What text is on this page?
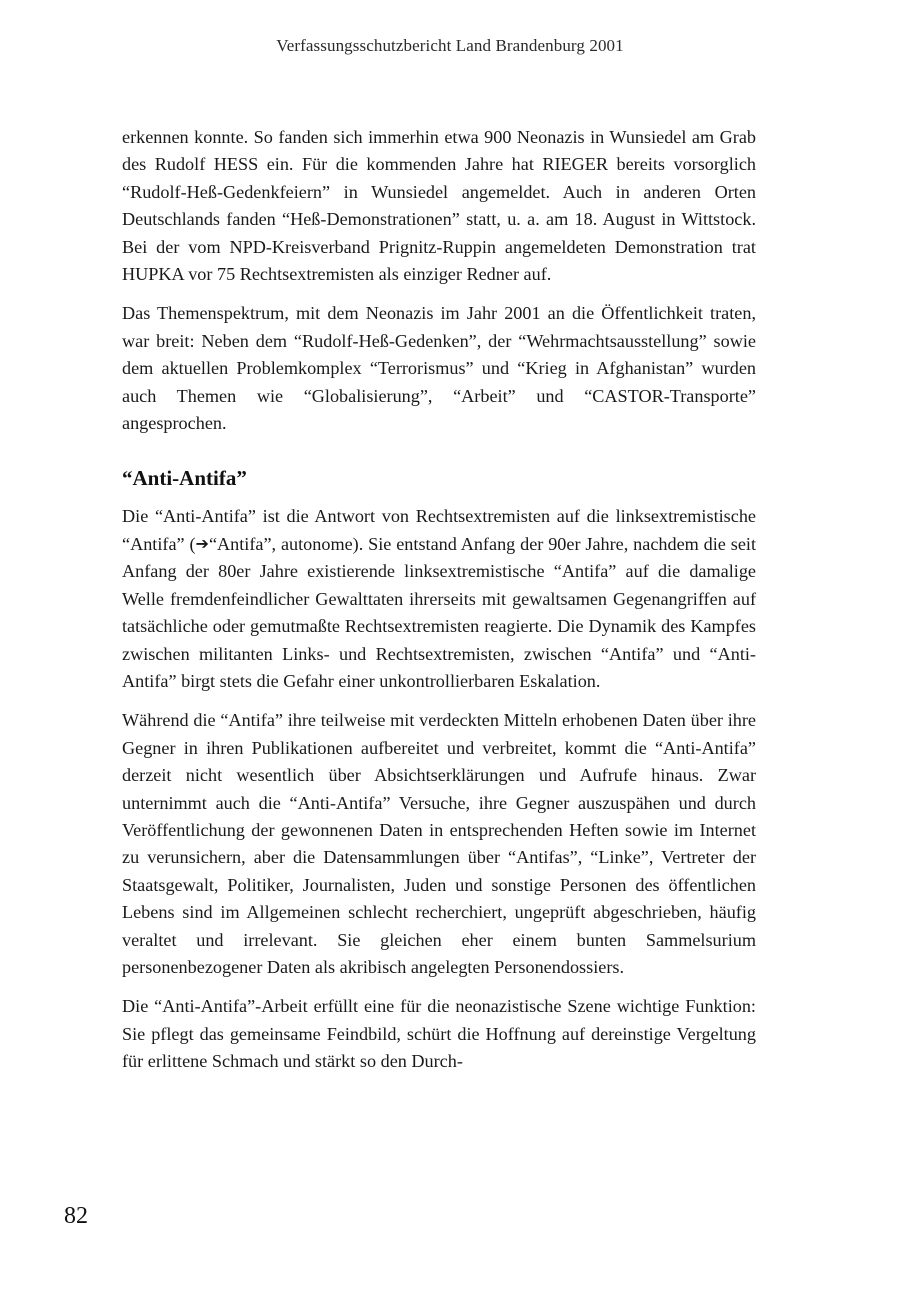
Verfassungsschutzbericht Land Brandenburg 2001

erkennen konnte. So fanden sich immerhin etwa 900 Neonazis in Wunsiedel am Grab des Rudolf HESS ein. Für die kommenden Jahre hat RIEGER bereits vorsorglich “Rudolf-Heß-Gedenkfeiern” in Wunsiedel angemeldet. Auch in anderen Orten Deutschlands fanden “Heß-Demonstrationen” statt, u. a. am 18. August in Wittstock. Bei der vom NPD-Kreisverband Prignitz-Ruppin angemeldeten Demonstration trat HUPKA vor 75 Rechtsextremisten als einziger Redner auf.

Das Themenspektrum, mit dem Neonazis im Jahr 2001 an die Öffentlichkeit traten, war breit: Neben dem “Rudolf-Heß-Gedenken”, der “Wehrmachtsausstellung” sowie dem aktuellen Problemkomplex “Terrorismus” und “Krieg in Afghanistan” wurden auch Themen wie “Globalisierung”, “Arbeit” und “CASTOR-Transporte” angesprochen.

“Anti-Antifa”

Die “Anti-Antifa” ist die Antwort von Rechtsextremisten auf die linksextremistische “Antifa” (➔“Antifa”, autonome). Sie entstand Anfang der 90er Jahre, nachdem die seit Anfang der 80er Jahre existierende linksextremistische “Antifa” auf die damalige Welle fremdenfeindlicher Gewalttaten ihrerseits mit gewaltsamen Gegenangriffen auf tatsächliche oder gemutmaßte Rechtsextremisten reagierte. Die Dynamik des Kampfes zwischen militanten Links- und Rechtsextremisten, zwischen “Antifa” und “Anti-Antifa” birgt stets die Gefahr einer unkontrollierbaren Eskalation.

Während die “Antifa” ihre teilweise mit verdeckten Mitteln erhobenen Daten über ihre Gegner in ihren Publikationen aufbereitet und verbreitet, kommt die “Anti-Antifa” derzeit nicht wesentlich über Absichtserklärungen und Aufrufe hinaus. Zwar unternimmt auch die “Anti-Antifa” Versuche, ihre Gegner auszuspähen und durch Veröffentlichung der gewonnenen Daten in entsprechenden Heften sowie im Internet zu verunsichern, aber die Datensammlungen über “Antifas”, “Linke”, Vertreter der Staatsgewalt, Politiker, Journalisten, Juden und sonstige Personen des öffentlichen Lebens sind im Allgemeinen schlecht recherchiert, ungeprüft abgeschrieben, häufig veraltet und irrelevant. Sie gleichen eher einem bunten Sammelsurium personenbezogener Daten als akribisch angelegten Personendossiers.

Die “Anti-Antifa”-Arbeit erfüllt eine für die neonazistische Szene wichtige Funktion: Sie pflegt das gemeinsame Feindbild, schürt die Hoffnung auf dereinstige Vergeltung für erlittene Schmach und stärkt so den Durch-

82
